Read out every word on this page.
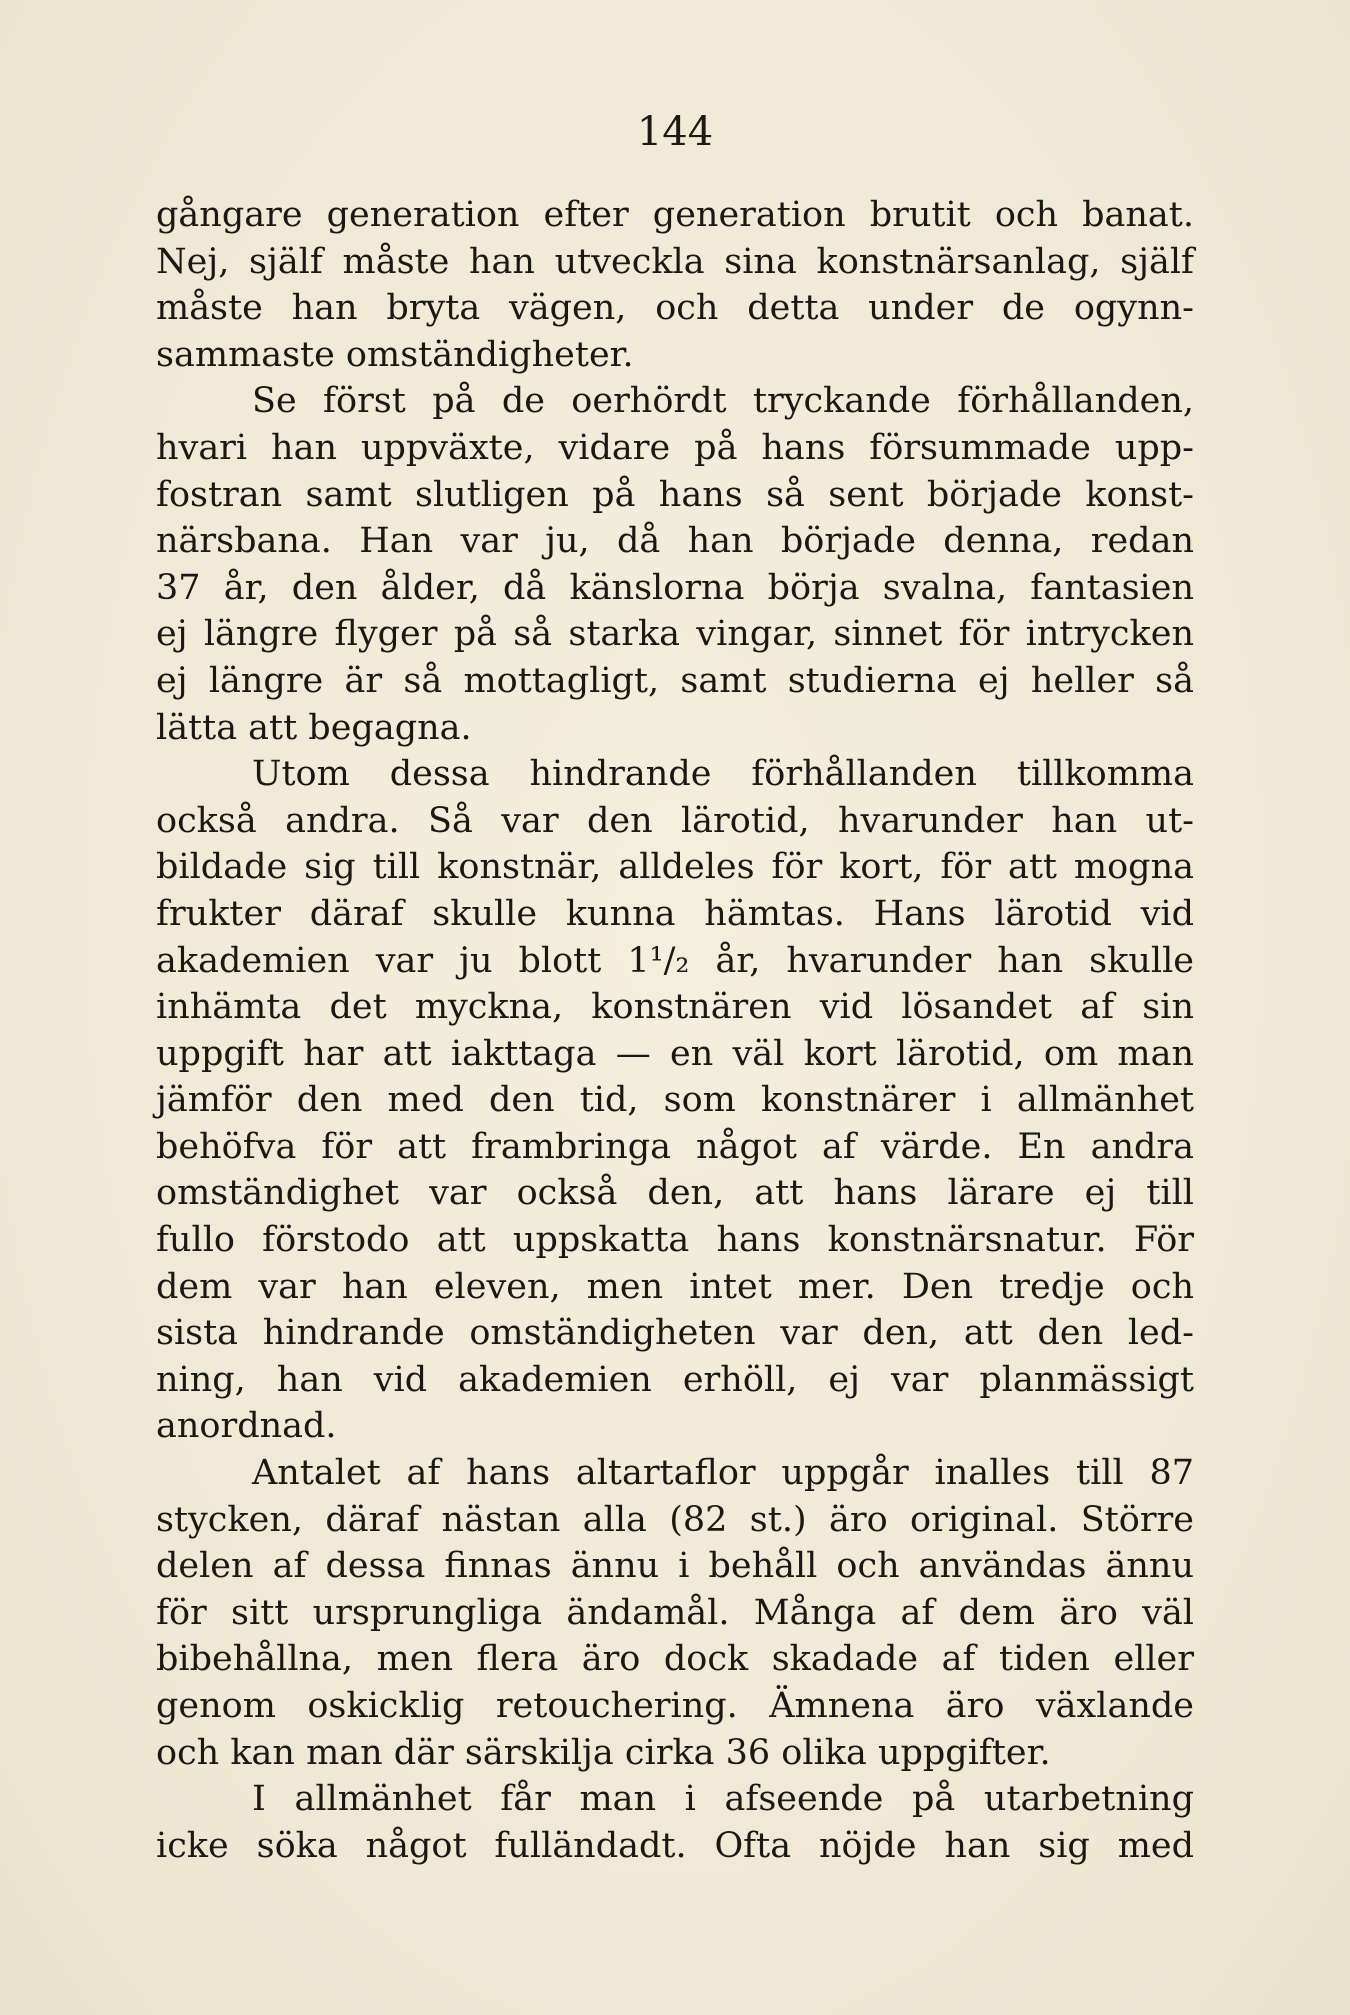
144
gångare generation efter generation brutit och banat.
Nej, själf måste han utveckla sina konstnärsanlag, själf
måste han bryta vägen, och detta under de ogynn-
sammaste omständigheter.
Se först på de oerhördt tryckande förhållanden,
hvari han uppväxte, vidare på hans försummade upp-
fostran samt slutligen på hans så sent började konst-
närsbana. Han var ju, då han började denna, redan
37 år, den ålder, då känslorna börja svalna, fantasien
ej längre flyger på så starka vingar, sinnet för intrycken
ej längre är så mottagligt, samt studierna ej heller så
lätta att begagna.
Utom dessa hindrande förhållanden tillkomma
också andra. Så var den lärotid, hvarunder han ut-
bildade sig till konstnär, alldeles för kort, för att mogna
frukter däraf skulle kunna hämtas. Hans lärotid vid
akademien var ju blott 1¹/₂ år, hvarunder han skulle
inhämta det myckna, konstnären vid lösandet af sin
uppgift har att iakttaga — en väl kort lärotid, om man
jämför den med den tid, som konstnärer i allmänhet
behöfva för att frambringa något af värde. En andra
omständighet var också den, att hans lärare ej till
fullo förstodo att uppskatta hans konstnärsnatur. För
dem var han eleven, men intet mer. Den tredje och
sista hindrande omständigheten var den, att den led-
ning, han vid akademien erhöll, ej var planmässigt
anordnad.
Antalet af hans altartaflor uppgår inalles till 87
stycken, däraf nästan alla (82 st.) äro original. Större
delen af dessa finnas ännu i behåll och användas ännu
för sitt ursprungliga ändamål. Många af dem äro väl
bibehållna, men flera äro dock skadade af tiden eller
genom oskicklig retouchering. Ämnena äro växlande
och kan man där särskilja cirka 36 olika uppgifter.
I allmänhet får man i afseende på utarbetning
icke söka något fulländadt. Ofta nöjde han sig med
